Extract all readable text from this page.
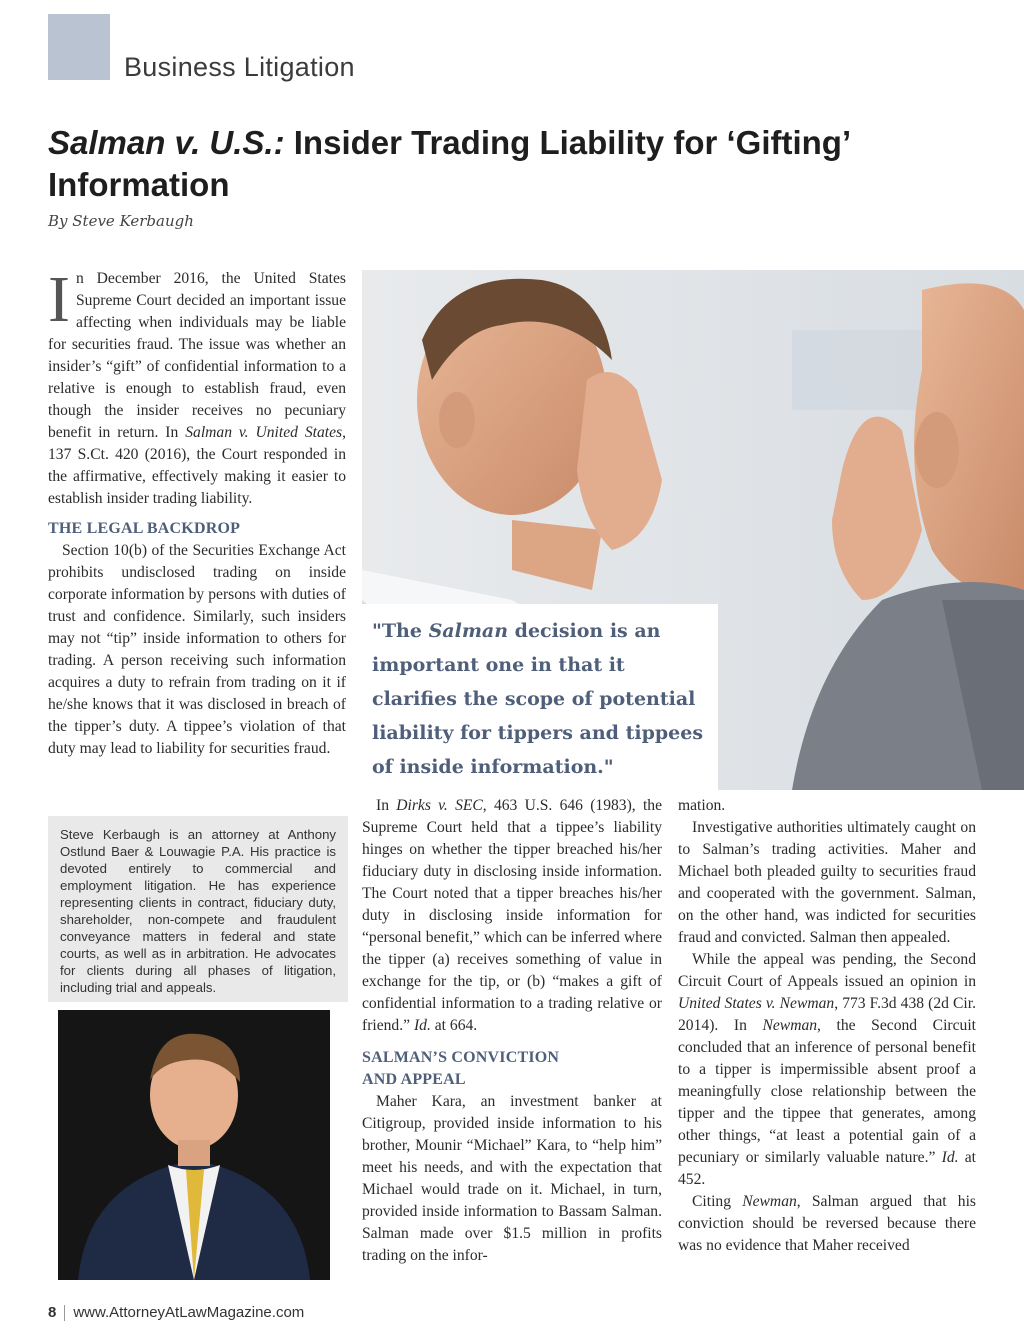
Business Litigation
Salman v. U.S.: Insider Trading Liability for ‘Gifting’ Information
By Steve Kerbaugh

"The Salman decision is an important one in that it clarifies the scope of potential liability for tippers and tippees of inside information."

In December 2016, the United States Supreme Court decided an important issue affecting when individuals may be liable for securities fraud. The issue was whether an insider’s “gift” of confidential information to a relative is enough to establish fraud, even though the insider receives no pecuniary benefit in return. In Salman v. United States, 137 S.Ct. 420 (2016), the Court responded in the affirmative, effectively making it easier to establish insider trading liability.

THE LEGAL BACKDROP

Section 10(b) of the Securities Exchange Act prohibits undisclosed trading on inside corporate information by persons with duties of trust and confidence. Similarly, such insiders may not “tip” inside information to others for trading. A person receiving such information acquires a duty to refrain from trading on it if he/she knows that it was disclosed in breach of the tipper’s duty. A tippee’s violation of that duty may lead to liability for securities fraud.

Steve Kerbaugh is an attorney at Anthony Ostlund Baer & Louwagie P.A. His practice is devoted entirely to commercial and employment litigation. He has experience representing clients in contract, fiduciary duty, shareholder, non-compete and fraudulent conveyance matters in federal and state courts, as well as in arbitration. He advocates for clients during all phases of litigation, including trial and appeals.

In Dirks v. SEC, 463 U.S. 646 (1983), the Supreme Court held that a tippee’s liability hinges on whether the tipper breached his/her fiduciary duty in disclosing inside information. The Court noted that a tipper breaches his/her duty in disclosing inside information for “personal benefit,” which can be inferred where the tipper (a) receives something of value in exchange for the tip, or (b) “makes a gift of confidential information to a trading relative or friend.” Id. at 664.

SALMAN’S CONVICTION
AND APPEAL

Maher Kara, an investment banker at Citigroup, provided inside information to his brother, Mounir “Michael” Kara, to “help him” meet his needs, and with the expectation that Michael would trade on it. Michael, in turn, provided inside information to Bassam Salman. Salman made over $1.5 million in profits trading on the infor-

mation.

Investigative authorities ultimately caught on to Salman’s trading activities. Maher and Michael both pleaded guilty to securities fraud and cooperated with the government. Salman, on the other hand, was indicted for securities fraud and convicted. Salman then appealed.

While the appeal was pending, the Second Circuit Court of Appeals issued an opinion in United States v. Newman, 773 F.3d 438 (2d Cir. 2014). In Newman, the Second Circuit concluded that an inference of personal benefit to a tipper is impermissible absent proof a meaningfully close relationship between the tipper and the tippee that generates, among other things, “at least a potential gain of a pecuniary or similarly valuable nature.” Id. at 452.

Citing Newman, Salman argued that his conviction should be reversed because there was no evidence that Maher received

8 www.AttorneyAtLawMagazine.com
